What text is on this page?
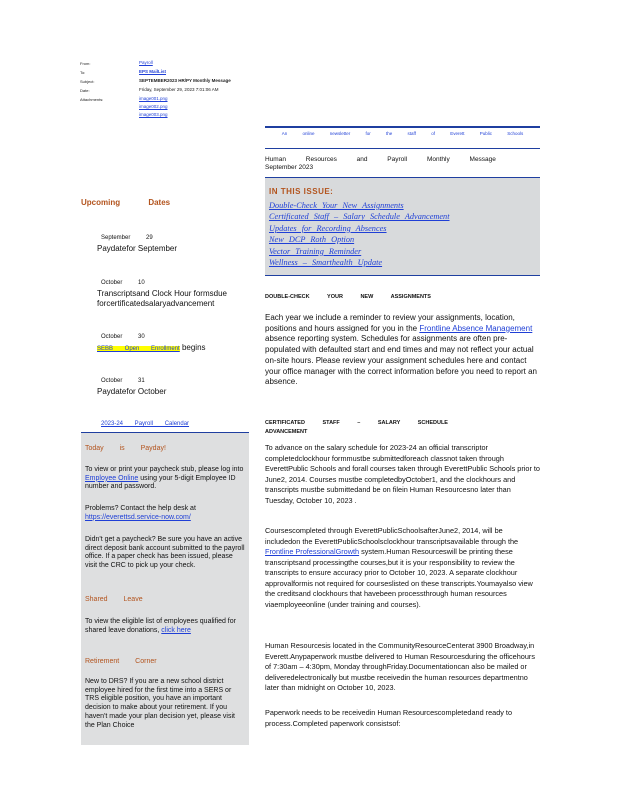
From:	Payroll
To:	EPS MailList
Subject:	SEPTEMBER2023 HR/PY Monthly Message
Date:	Friday, September 29, 2023 7:01:06 AM
Attachments:	image001.png
image002.png
image003.png
An online newsletter for the staff of Everett Public Schools
Human Resources and Payroll Monthly Message
September 2023
IN THIS ISSUE:
Double-Check Your New Assignments
Certificated Staff – Salary Schedule Advancement
Updates for Recording Absences
New DCP Roth Option
Vector Training Reminder
Wellness – Smarthealth Update
Upcoming Dates
September 29
Paydatefor September
October 10
Transcriptsand Clock Hour formsdue forcertificatedsalaryadvancement
October 30
SEBB Open Enrollment begins
October 31
Paydatefor October
2023-24 Payroll Calendar
Today is Payday!
To view or print your paycheck stub, please log into Employee Online using your 5-digit Employee ID number and password.
Problems? Contact the help desk at
https://everettsd.service-now.com/
Didn't get a paycheck? Be sure you have an active direct deposit bank account submitted to the payroll office. If a paper check has been issued, please visit the CRC to pick up your check.
Shared Leave
To view the eligible list of employees qualified for shared leave donations, click here
Retirement Corner
New to DRS? If you are a new school district employee hired for the first time into a SERS or TRS eligible position, you have an important decision to make about your retirement. If you haven't made your plan decision yet, please visit the Plan Choice
DOUBLE-CHECK YOUR NEW ASSIGNMENTS
Each year we include a reminder to review your assignments, location, positions and hours assigned for you in the Frontline Absence Management absence reporting system. Schedules for assignments are often pre-populated with defaulted start and end times and may not reflect your actual on-site hours. Please review your assignment schedules here and contact your office manager with the correct information before you need to report an absence.
CERTIFICATED STAFF – SALARY SCHEDULE
ADVANCEMENT
To advance on the salary schedule for 2023-24 an official transcriptor completedclockhour formmustbe submittedforeach classnot taken through EverettPublic Schools and forall courses taken through EverettPublic Schools prior to June2, 2014. Courses mustbe completedbyOctober1, and the clockhours and transcripts mustbe submittedand be on filein Human Resourcesno later than Tuesday, October 10, 2023 .
Coursescompleted through EverettPublicSchoolsafterJune2, 2014, will be includedon the EverettPublicSchoolsclockhour transcriptsavailable through the Frontline ProfessionalGrowth system.Human Resourceswill be printing these transcriptsand processingthe courses,but it is your responsibility to review the transcripts to ensure accuracy prior to October 10, 2023. A separate clockhour approvalformis not required for courseslisted on these transcripts.Youmayalso view the creditsand clockhours that havebeen processthrough human resources viaemployeeonline (under training and courses).
Human Resourcesis located in the CommunityResourceCenterat 3900 Broadway,in Everett.Anypaperwork mustbe delivered to Human Resourcesduring the officehours of 7:30am – 4:30pm, Monday throughFriday.Documentationcan also be mailed or deliveredelectronically but mustbe receivedin the human resources departmentno later than midnight on October 10, 2023.
Paperwork needs to be receivedin Human Resourcescompletedand ready to process.Completed paperwork consistsof:
